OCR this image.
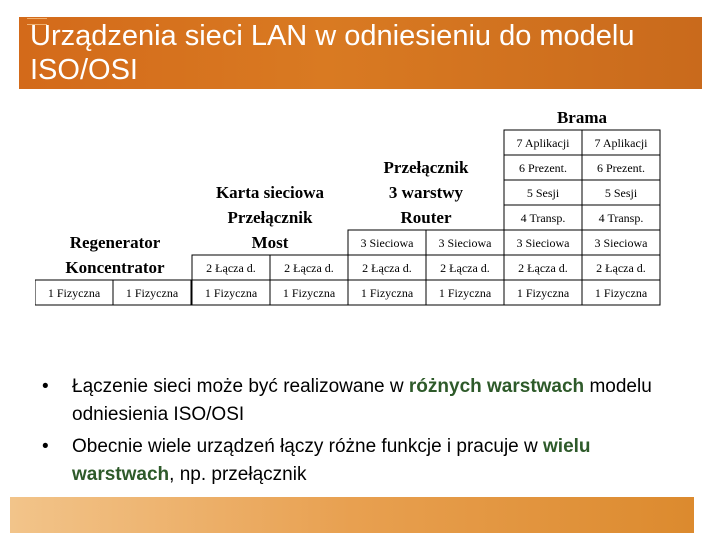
Urządzenia sieci LAN w odniesieniu do modelu ISO/OSI
1 Fizyczna 1 Fizyczna 1 Fizyczna 1 Fizyczna 1 Fizyczna 1 Fizyczna 1 Fizyczna 1 Fizyczna
2 Łącza d. 2 Łącza d. 2 Łącza d. 2 Łącza d. 2 Łącza d. 2 Łącza d.
3 Sieciowa 3 Sieciowa 3 Sieciowa 3 Sieciowa
4 Transp.	4 Transp.
5 Sesji	5 Sesji
6 Prezent.	6 Prezent.
7 Aplikacji 7 Aplikacji
Brama
Przełącznik
3 warstwy
Router
Karta sieciowa
Przełącznik
Most
Regenerator
Koncentrator
• Łączenie sieci może być realizowane w różnych warstwach modelu odniesienia ISO/OSI
• Obecnie wiele urządzeń łączy różne funkcje i pracuje w wielu warstwach, np. przełącznik
